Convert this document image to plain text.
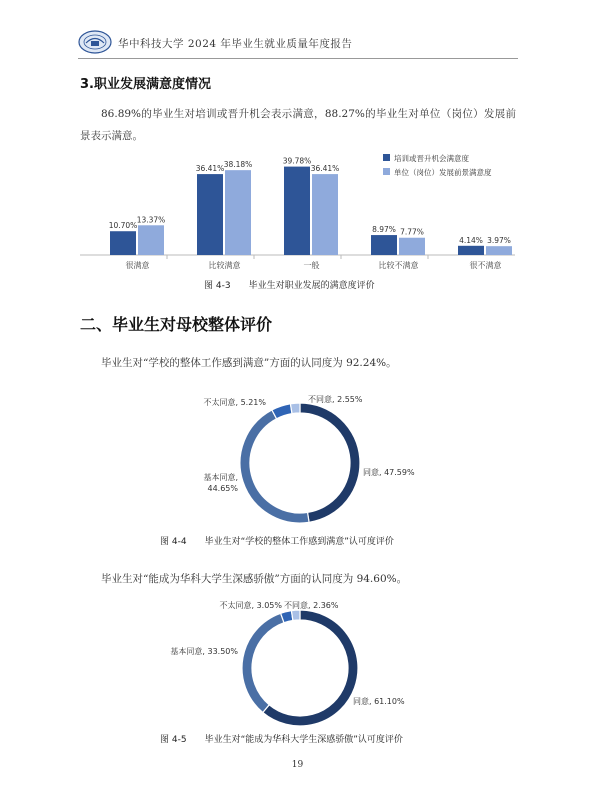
华中科技大学 2024 年毕业生就业质量年度报告
3.职业发展满意度情况
86.89%的毕业生对培训或晋升机会表示满意，88.27%的毕业生对单位（岗位）发展前景表示满意。
10.70%
13.37%
很满意
36.41% 38.18%
比较满意
39.78%
36.41%
一般
8.97% 7.77%
比较不满意
4.14% 3.97%
很不满意
培训或晋升机会满意度
单位（岗位）发展前景满意度
图 4-3 毕业生对职业发展的满意度评价
二、毕业生对母校整体评价
毕业生对“学校的整体工作感到满意”方面的认同度为 92.24%。
同意, 47.59%
基本同意,
44.65%
不太同意, 5.21%	不同意, 2.55%
图 4-4 毕业生对“学校的整体工作感到满意”认可度评价
毕业生对“能成为华科大学生深感骄傲”方面的认同度为 94.60%。
同意, 61.10%
基本同意, 33.50%
不太同意, 3.05% 不同意, 2.36%
图 4-5 毕业生对“能成为华科大学生深感骄傲”认可度评价
19
